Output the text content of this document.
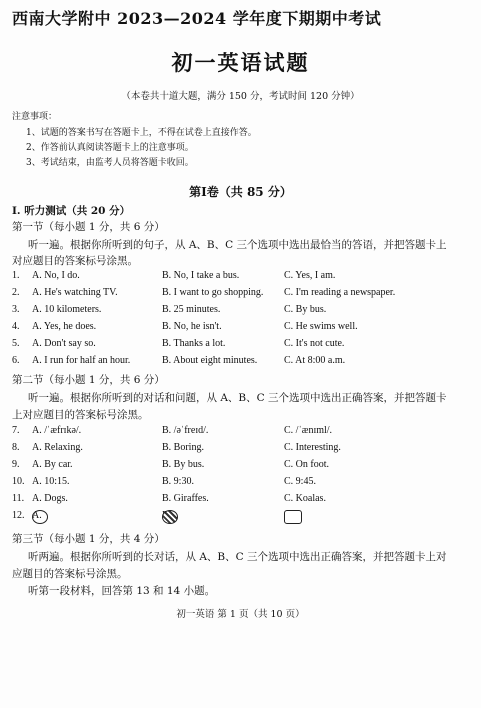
西南大学附中 2023—2024 学年度下期期中考试
初一英语试题
（本卷共十道大题，满分 150 分，考试时间 120 分钟）
注意事项：
1、试题的答案书写在答题卡上，不得在试卷上直接作答。
2、作答前认真阅读答题卡上的注意事项。
3、考试结束，由监考人员将答题卡收回。
第Ⅰ卷（共 85 分）
Ⅰ. 听力测试（共 20 分）
第一节（每小题 1 分，共 6 分）
听一遍。根据你所听到的句子，从 A、B、C 三个选项中选出最恰当的答语，并把答题卡上
对应题目的答案标号涂黑。
1. A. No, I do.	B. No, I take a bus.	C. Yes, I am.
2. A. He's watching TV.	B. I want to go shopping. C. I'm reading a newspaper.
3. A. 10 kilometers.	B. 25 minutes.	C. By bus.
4. A. Yes, he does.	B. No, he isn't.	C. He swims well.
5. A. Don't say so.	B. Thanks a lot.	C. It's not cute.
6. A. I run for half an hour.	B. About eight minutes.	C. At 8:00 a.m.
第二节（每小题 1 分，共 6 分）
听一遍。根据你所听到的对话和问题，从 A、B、C 三个选项中选出正确答案，并把答题卡
上对应题目的答案标号涂黑。
7. A. /ˈæfrɪkə/.	B. /əˈfreɪd/.	C. /ˈænɪml/.
8. A. Relaxing.	B. Boring.	C. Interesting.
9. A. By car.	B. By bus.	C. On foot.
10. A. 10:15.	B. 9:30.	C. 9:45.
11. A. Dogs.	B. Giraffes.	C. Koalas.
12. A.
第三节（每小题 1 分，共 4 分）
听两遍。根据你所听到的长对话，从 A、B、C 三个选项中选出正确答案，并把答题卡上对
应题目的答案标号涂黑。
听第一段材料，回答第 13 和 14 小题。
初一英语 第 1 页（共 10 页）
